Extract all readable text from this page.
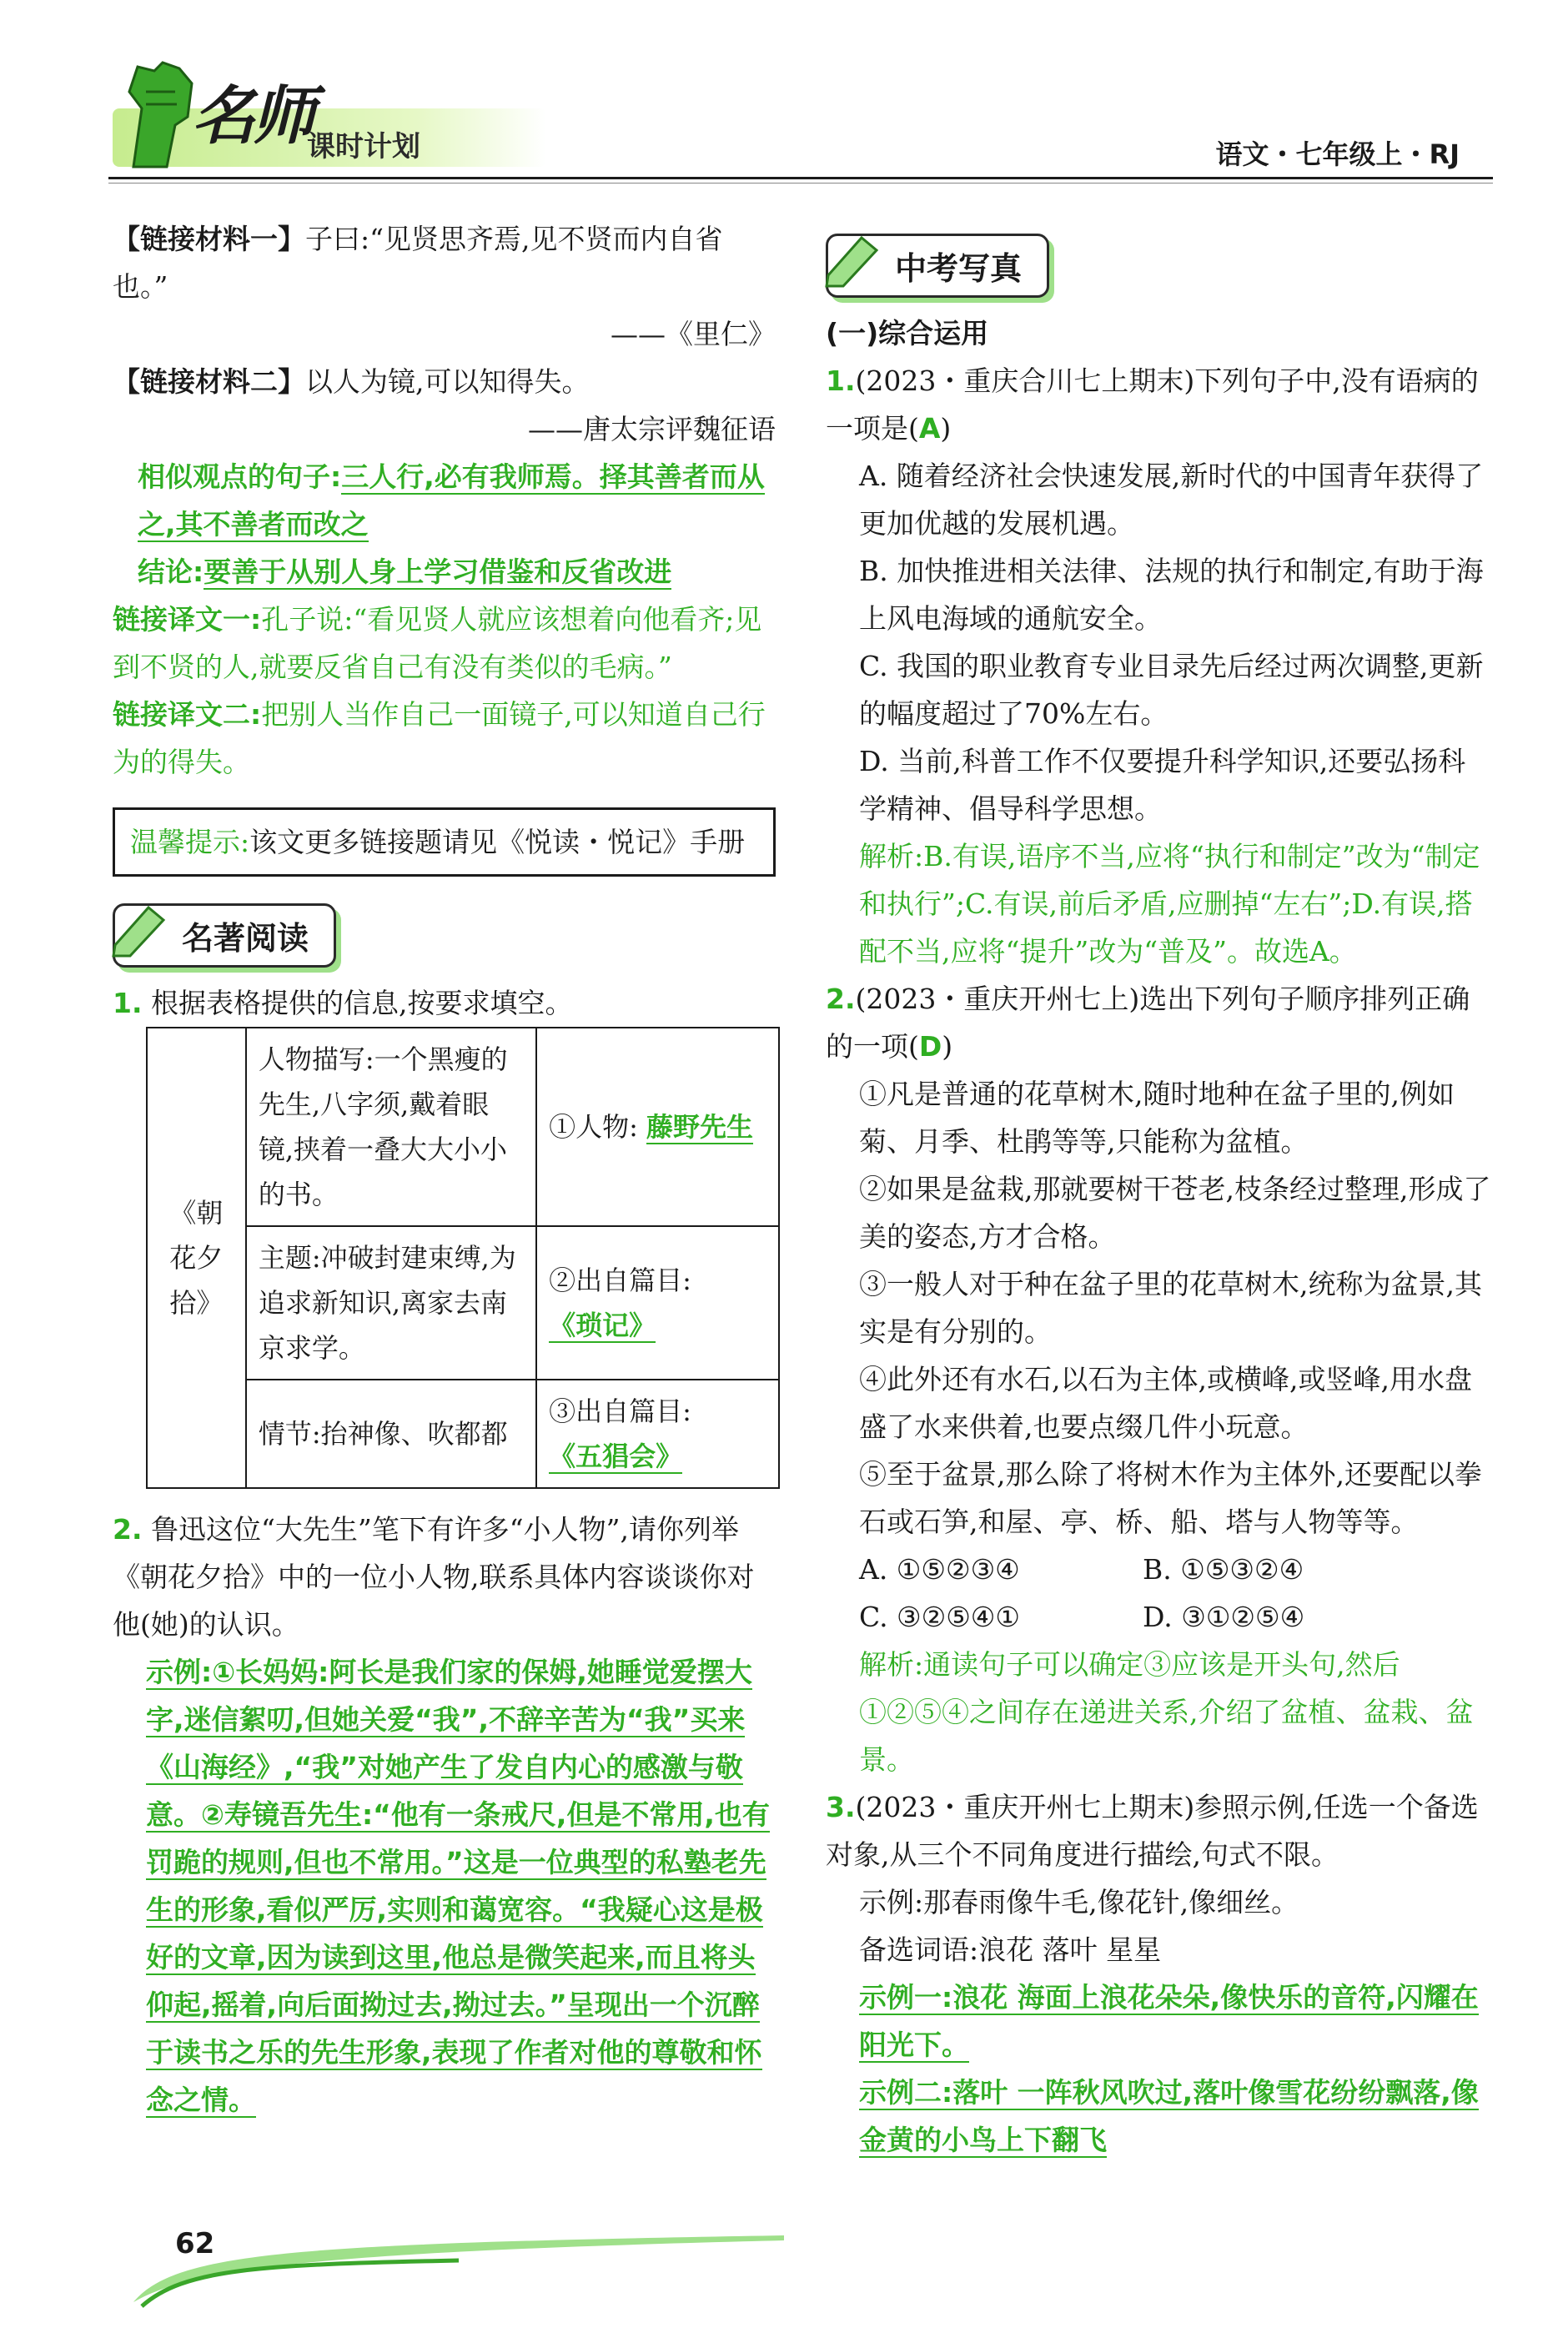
名师
课时计划	语文・七年级上・RJ
【链接材料一】子曰:“见贤思齐焉,见不贤而内自省也。”
——《里仁》
【链接材料二】以人为镜,可以知得失。
——唐太宗评魏征语
相似观点的句子:三人行,必有我师焉。择其善者而从之,其不善者而改之
结论:要善于从别人身上学习借鉴和反省改进
链接译文一:孔子说:“看见贤人就应该想着向他看齐;见到不贤的人,就要反省自己有没有类似的毛病。”
链接译文二:把别人当作自己一面镜子,可以知道自己行为的得失。
温馨提示:该文更多链接题请见《悦读・悦记》手册
名著阅读
1. 根据表格提供的信息,按要求填空。
《朝花夕拾》	人物描写:一个黑瘦的先生,八字须,戴着眼镜,挟着一叠大大小小的书。	①人物: 藤野先生
	主题:冲破封建束缚,为追求新知识,离家去南京求学。	②出自篇目:
《琐记》
	情节:抬神像、吹都都	③出自篇目:
《五猖会》
2. 鲁迅这位“大先生”笔下有许多“小人物”,请你列举《朝花夕拾》中的一位小人物,联系具体内容谈谈你对他(她)的认识。
示例:①长妈妈:阿长是我们家的保姆,她睡觉爱摆大字,迷信絮叨,但她关爱“我”,不辞辛苦为“我”买来《山海经》,“我”对她产生了发自内心的感激与敬意。②寿镜吾先生:“他有一条戒尺,但是不常用,也有罚跪的规则,但也不常用。”这是一位典型的私塾老先生的形象,看似严厉,实则和蔼宽容。“我疑心这是极好的文章,因为读到这里,他总是微笑起来,而且将头仰起,摇着,向后面拗过去,拗过去。”呈现出一个沉醉于读书之乐的先生形象,表现了作者对他的尊敬和怀念之情。
中考写真
(一)综合运用
1.(2023・重庆合川七上期末)下列句子中,没有语病的一项是(A)
A. 随着经济社会快速发展,新时代的中国青年获得了更加优越的发展机遇。
B. 加快推进相关法律、法规的执行和制定,有助于海上风电海域的通航安全。
C. 我国的职业教育专业目录先后经过两次调整,更新的幅度超过了70%左右。
D. 当前,科普工作不仅要提升科学知识,还要弘扬科学精神、倡导科学思想。
解析:B.有误,语序不当,应将“执行和制定”改为“制定和执行”;C.有误,前后矛盾,应删掉“左右”;D.有误,搭配不当,应将“提升”改为“普及”。故选A。
2.(2023・重庆开州七上)选出下列句子顺序排列正确的一项(D)
①凡是普通的花草树木,随时地种在盆子里的,例如菊、月季、杜鹃等等,只能称为盆植。
②如果是盆栽,那就要树干苍老,枝条经过整理,形成了美的姿态,方才合格。
③一般人对于种在盆子里的花草树木,统称为盆景,其实是有分别的。
④此外还有水石,以石为主体,或横峰,或竖峰,用水盘盛了水来供着,也要点缀几件小玩意。
⑤至于盆景,那么除了将树木作为主体外,还要配以拳石或石笋,和屋、亭、桥、船、塔与人物等等。
A. ①⑤②③④	B. ①⑤③②④
C. ③②⑤④①	D. ③①②⑤④
解析:通读句子可以确定③应该是开头句,然后①②⑤④之间存在递进关系,介绍了盆植、盆栽、盆景。
3.(2023・重庆开州七上期末)参照示例,任选一个备选对象,从三个不同角度进行描绘,句式不限。
示例:那春雨像牛毛,像花针,像细丝。
备选词语:浪花 落叶 星星
示例一:浪花 海面上浪花朵朵,像快乐的音符,闪耀在阳光下。
示例二:落叶 一阵秋风吹过,落叶像雪花纷纷飘落,像金黄的小鸟上下翻飞
62
